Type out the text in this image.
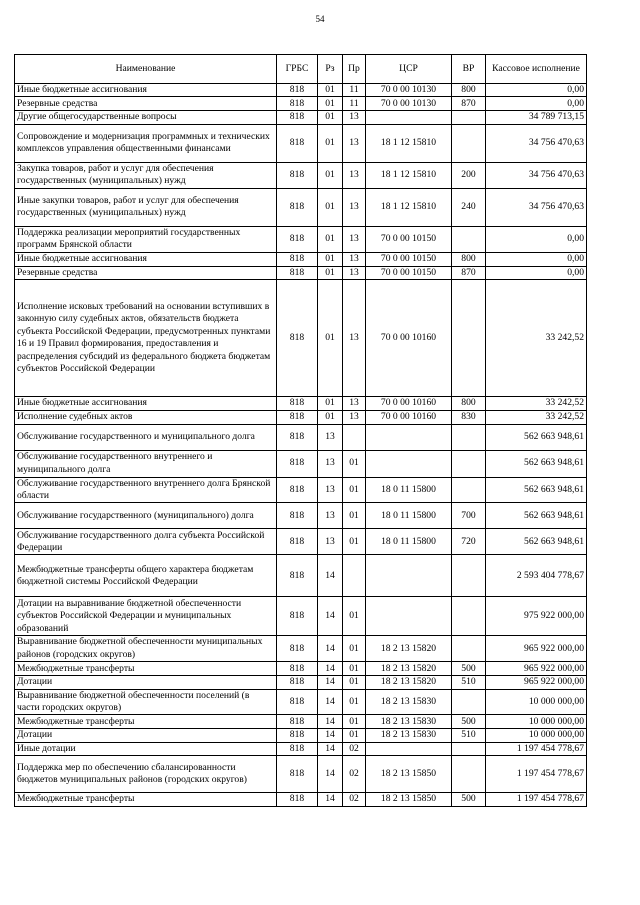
54
Наименование	ГРБС	Рз	Пр	ЦСР	ВР	Кассовое исполнение
Иные бюджетные ассигнования	818	01	11	70 0 00 10130	800	0,00
Резервные средства	818	01	11	70 0 00 10130	870	0,00
Другие общегосударственные вопросы	818	01	13			34 789 713,15
Сопровождение и модернизация программных и технических комплексов управления общественными финансами	818	01	13	18 1 12 15810		34 756 470,63
Закупка товаров, работ и услуг для обеспечения государственных (муниципальных) нужд	818	01	13	18 1 12 15810	200	34 756 470,63
Иные закупки товаров, работ и услуг для обеспечения государственных (муниципальных) нужд	818	01	13	18 1 12 15810	240	34 756 470,63
Поддержка реализации мероприятий государственных программ Брянской области	818	01	13	70 0 00 10150		0,00
Иные бюджетные ассигнования	818	01	13	70 0 00 10150	800	0,00
Резервные средства	818	01	13	70 0 00 10150	870	0,00
Исполнение исковых требований на основании вступивших в законную силу судебных актов, обязательств бюджета субъекта Российской Федерации, предусмотренных пунктами 16 и 19 Правил формирования, предоставления и распределения субсидий из федерального бюджета бюджетам субъектов Российской Федерации	818	01	13	70 0 00 10160		33 242,52
Иные бюджетные ассигнования	818	01	13	70 0 00 10160	800	33 242,52
Исполнение судебных актов	818	01	13	70 0 00 10160	830	33 242,52
Обслуживание государственного и муниципального долга	818	13				562 663 948,61
Обслуживание государственного внутреннего и муниципального долга	818	13	01			562 663 948,61
Обслуживание государственного внутреннего долга Брянской области	818	13	01	18 0 11 15800		562 663 948,61
Обслуживание государственного (муниципального) долга	818	13	01	18 0 11 15800	700	562 663 948,61
Обслуживание государственного долга субъекта Российской Федерации	818	13	01	18 0 11 15800	720	562 663 948,61
Межбюджетные трансферты общего характера бюджетам бюджетной системы Российской Федерации	818	14				2 593 404 778,67
Дотации на выравнивание бюджетной обеспеченности субъектов Российской Федерации и муниципальных образований	818	14	01			975 922 000,00
Выравнивание бюджетной обеспеченности муниципальных районов (городских округов)	818	14	01	18 2 13 15820		965 922 000,00
Межбюджетные трансферты	818	14	01	18 2 13 15820	500	965 922 000,00
Дотации	818	14	01	18 2 13 15820	510	965 922 000,00
Выравнивание бюджетной обеспеченности поселений (в части городских округов)	818	14	01	18 2 13 15830		10 000 000,00
Межбюджетные трансферты	818	14	01	18 2 13 15830	500	10 000 000,00
Дотации	818	14	01	18 2 13 15830	510	10 000 000,00
Иные дотации	818	14	02			1 197 454 778,67
Поддержка мер по обеспечению сбалансированности бюджетов муниципальных районов (городских округов)	818	14	02	18 2 13 15850		1 197 454 778,67
Межбюджетные трансферты	818	14	02	18 2 13 15850	500	1 197 454 778,67
